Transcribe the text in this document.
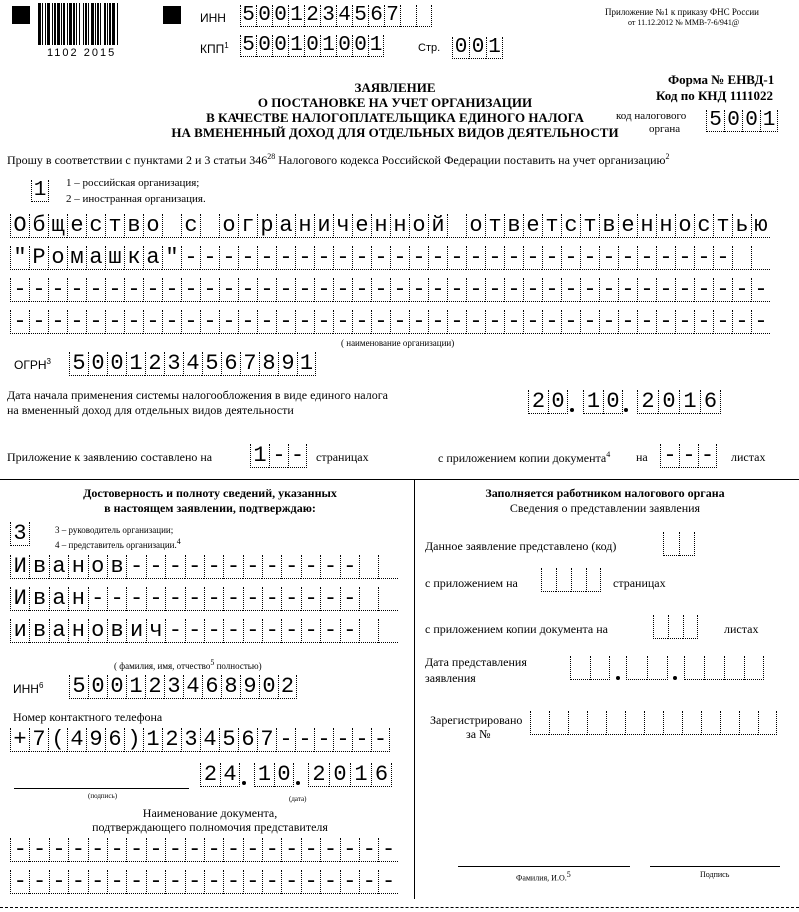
1102 2015
ИНН 5 0 0 1 2 3 4 5 6 7
КПП$^1$ 5 0 0 1 0 1 0 0 1	Стр. 0 0 1
Приложение №1 к приказу ФНС России
от 11.12.2012 № ММВ-7-6/941@
Форма № ЕНВД-1
Код по КНД 1111022
код налогового
органа 5 0 0 1
ЗАЯВЛЕНИЕ
О ПОСТАНОВКЕ НА УЧЕТ ОРГАНИЗАЦИИ
В КАЧЕСТВЕ НАЛОГОПЛАТЕЛЬЩИКА ЕДИНОГО НАЛОГА
НА ВМЕНЕННЫЙ ДОХОД ДЛЯ ОТДЕЛЬНЫХ ВИДОВ ДЕЯТЕЛЬНОСТИ
Прошу в соответствии с пунктами 2 и 3 статьи $346^{28}$ Налогового кодекса Российской Федерации поставить на учет организацию$^2$
1 1 – российская организация;
2 – иностранная организация.
О б щ е с т в о с о г р а н и ч е н н о й о т в е т с т в е н н о с т ь ю
" Р о м а ш к а " - - - - - - - - - - - - - - - - - - - - - - - - - - - - -
- - - - - - - - - - - - - - - - - - - - - - - - - - - - - - - - - - - - - - - -
- - - - - - - - - - - - - - - - - - - - - - - - - - - - - - - - - - - - - - - -
( наименование организации)
ОГРН$^3$ 5 0 0 1 2 3 4 5 6 7 8 9 1
Дата начала применения системы налогообложения в виде единого налога
на вмененный доход для отдельных видов деятельности	2 0 1 0 2 0 1 6
Приложение к заявлению составлено на 1 - - страницах	с приложением копии документа$^4$ на - - - листах
Достоверность и полноту сведений, указанных
в настоящем заявлении, подтверждаю:
3	3 – руководитель организации;
4 – представитель организации.4
И в а н о в - - - - - - - - - - - -
И в а н - - - - - - - - - - - - - -
и в а н о в и ч - - - - - - - - - -
( фамилия, имя, отчество5 полностью)
ИНН$^6$ 5 0 0 1 2 3 4 6 8 9 0 2
Номер контактного телефона
+ 7 ( 4 9 6 ) 1 2 3 4 5 6 7 - - - - - -
(подпись)
2 4 1 0 2 0 1 6
(дата)
Наименование документа,
подтверждающего полномочия представителя
- - - - - - - - - - - - - - - - - - - -
- - - - - - - - - - - - - - - - - - - -
Заполняется работником налогового органа
Сведения о представлении заявления
Данное заявление представлено (код)
с приложением на	страницах
с приложением копии документа на	листах
Дата представления
заявления
Зарегистрировано
за №
Фамилия, И.О.5	Подпись
